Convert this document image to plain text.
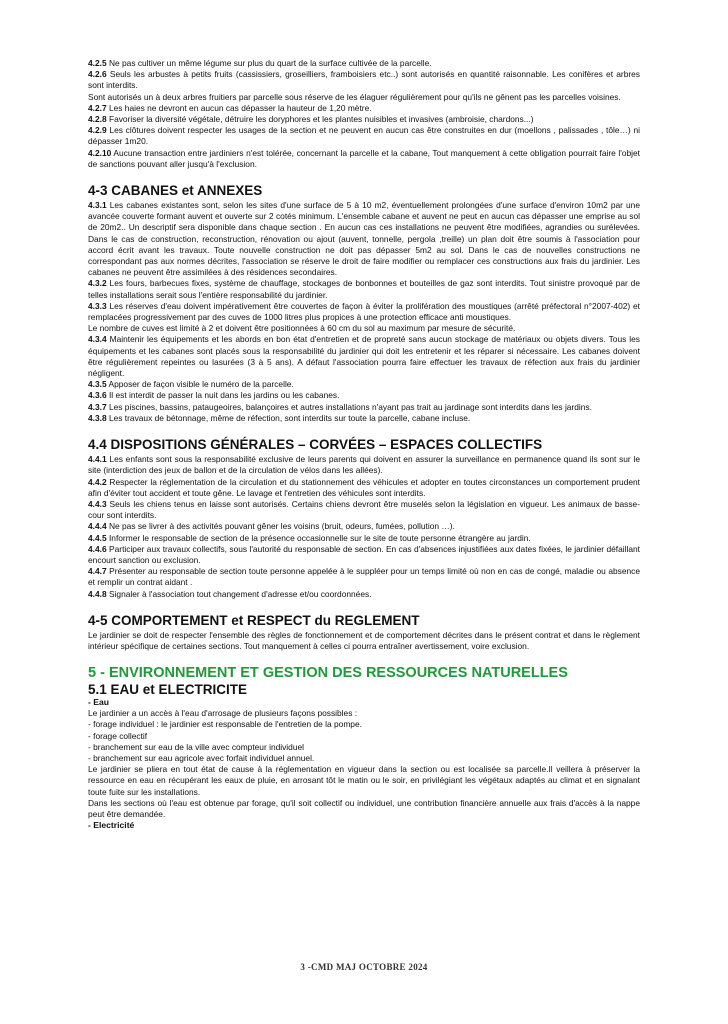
4.2.5 Ne pas cultiver un même légume sur plus du quart de la surface cultivée de la parcelle.

4.2.6 Seuls les arbustes à petits fruits (cassissiers, groseilliers, framboisiers etc..) sont autorisés en quantité raisonnable. Les conifères et arbres sont interdits.

Sont autorisés un à deux arbres fruitiers par parcelle sous réserve de les élaguer régulièrement pour qu'ils ne gênent pas les parcelles voisines.

4.2.7 Les haies ne devront en aucun cas dépasser la hauteur de 1,20 mètre.

4.2.8 Favoriser la diversité végétale, détruire les doryphores et les plantes nuisibles et invasives (ambroisie, chardons...)

4.2.9 Les clôtures doivent respecter les usages de la section et ne peuvent en aucun cas être construites en dur (moellons , palissades , tôle…) ni dépasser 1m20.

4.2.10 Aucune transaction entre jardiniers n'est tolérée, concernant la parcelle et la cabane, Tout manquement à cette obligation pourrait faire l'objet de sanctions pouvant aller jusqu'à l'exclusion.

4-3 CABANES et ANNEXES

4.3.1 Les cabanes existantes sont, selon les sites d'une surface de 5 à 10 m2, éventuellement prolongées d'une surface d'environ 10m2 par une avancée couverte formant auvent et ouverte sur 2 cotés minimum. L'ensemble cabane et auvent ne peut en aucun cas dépasser une emprise au sol de 20m2.. Un descriptif sera disponible dans chaque section . En aucun cas ces installations ne peuvent être modifiées, agrandies ou surélevées. Dans le cas de construction, reconstruction, rénovation ou ajout (auvent, tonnelle, pergola ,treille) un plan doit être soumis à l'association pour accord écrit avant les travaux. Toute nouvelle construction ne doit pas dépasser 5m2 au sol. Dans le cas de nouvelles constructions ne correspondant pas aux normes décrites, l'association se réserve le droit de faire modifier ou remplacer ces constructions aux frais du jardinier. Les cabanes ne peuvent être assimilées à des résidences secondaires.

4.3.2 Les fours, barbecues fixes, système de chauffage, stockages de bonbonnes et bouteilles de gaz sont interdits. Tout sinistre provoqué par de telles installations serait sous l'entière responsabilité du jardinier.

4.3.3 Les réserves d'eau doivent impérativement être couvertes de façon à éviter la prolifération des moustiques (arrêté préfectoral n°2007-402) et remplacées progressivement par des cuves de 1000 litres plus propices à une protection efficace anti moustiques.

Le nombre de cuves est limité à 2 et doivent être positionnées à 60 cm du sol au maximum par mesure de sécurité.

4.3.4 Maintenir les équipements et les abords en bon état d'entretien et de propreté sans aucun stockage de matériaux ou objets divers. Tous les équipements et les cabanes sont placés sous la responsabilité du jardinier qui doit les entretenir et les réparer si nécessaire. Les cabanes doivent être régulièrement repeintes ou lasurées (3 à 5 ans). A défaut l'association pourra faire effectuer les travaux de réfection aux frais du jardinier négligent.

4.3.5 Apposer de façon visible le numéro de la parcelle.

4.3.6 Il est interdit de passer la nuit dans les jardins ou les cabanes.

4.3.7 Les piscines, bassins, pataugeoires, balançoires et autres installations n'ayant pas trait au jardinage sont interdits dans les jardins.

4.3.8 Les travaux de bétonnage, même de réfection, sont interdits sur toute la parcelle, cabane incluse.

4.4 DISPOSITIONS GÉNÉRALES – CORVÉES – ESPACES COLLECTIFS

4.4.1 Les enfants sont sous la responsabilité exclusive de leurs parents qui doivent en assurer la surveillance en permanence quand ils sont sur le site (interdiction des jeux de ballon et de la circulation de vélos dans les allées).

4.4.2 Respecter la réglementation de la circulation et du stationnement des véhicules et adopter en toutes circonstances un comportement prudent afin d'éviter tout accident et toute gêne. Le lavage et l'entretien des véhicules sont interdits.

4.4.3 Seuls les chiens tenus en laisse sont autorisés. Certains chiens devront être muselés selon la législation en vigueur. Les animaux de basse-cour sont interdits.

4.4.4 Ne pas se livrer à des activités pouvant gêner les voisins (bruit, odeurs, fumées, pollution …).

4.4.5 Informer le responsable de section de la présence occasionnelle sur le site de toute personne étrangère au jardin.

4.4.6 Participer aux travaux collectifs, sous l'autorité du responsable de section. En cas d'absences injustifiées aux dates fixées, le jardinier défaillant encourt sanction ou exclusion.

4.4.7 Présenter au responsable de section toute personne appelée à le suppléer pour un temps limité où non en cas de congé, maladie ou absence et remplir un contrat aidant .

4.4.8 Signaler à l'association tout changement d'adresse et/ou coordonnées.

4-5 COMPORTEMENT et RESPECT du REGLEMENT

Le jardinier se doit de respecter l'ensemble des règles de fonctionnement et de comportement décrites dans le présent contrat et dans le règlement intérieur spécifique de certaines sections. Tout manquement à celles ci pourra entraîner avertissement, voire exclusion.

5 - ENVIRONNEMENT ET GESTION DES RESSOURCES NATURELLES
5.1 EAU et ELECTRICITE
- Eau

Le jardinier a un accès à l'eau d'arrosage de plusieurs façons possibles :

- forage individuel : le jardinier est responsable de l'entretien de la pompe.

- forage collectif

- branchement sur eau de la ville avec compteur individuel

- branchement sur eau agricole avec forfait individuel annuel.

Le jardinier se pliera en tout état de cause à la réglementation en vigueur dans la section ou est localisée sa parcelle.Il veillera à préserver la ressource en eau en récupérant les eaux de pluie, en arrosant tôt le matin ou le soir, en privilégiant les végétaux adaptés au climat et en signalant toute fuite sur les installations.

Dans les sections où l'eau est obtenue par forage, qu'il soit collectif ou individuel, une contribution financière annuelle aux frais d'accès à la nappe peut être demandée.

- Electricité
3 -CMD MAJ OCTOBRE 2024
